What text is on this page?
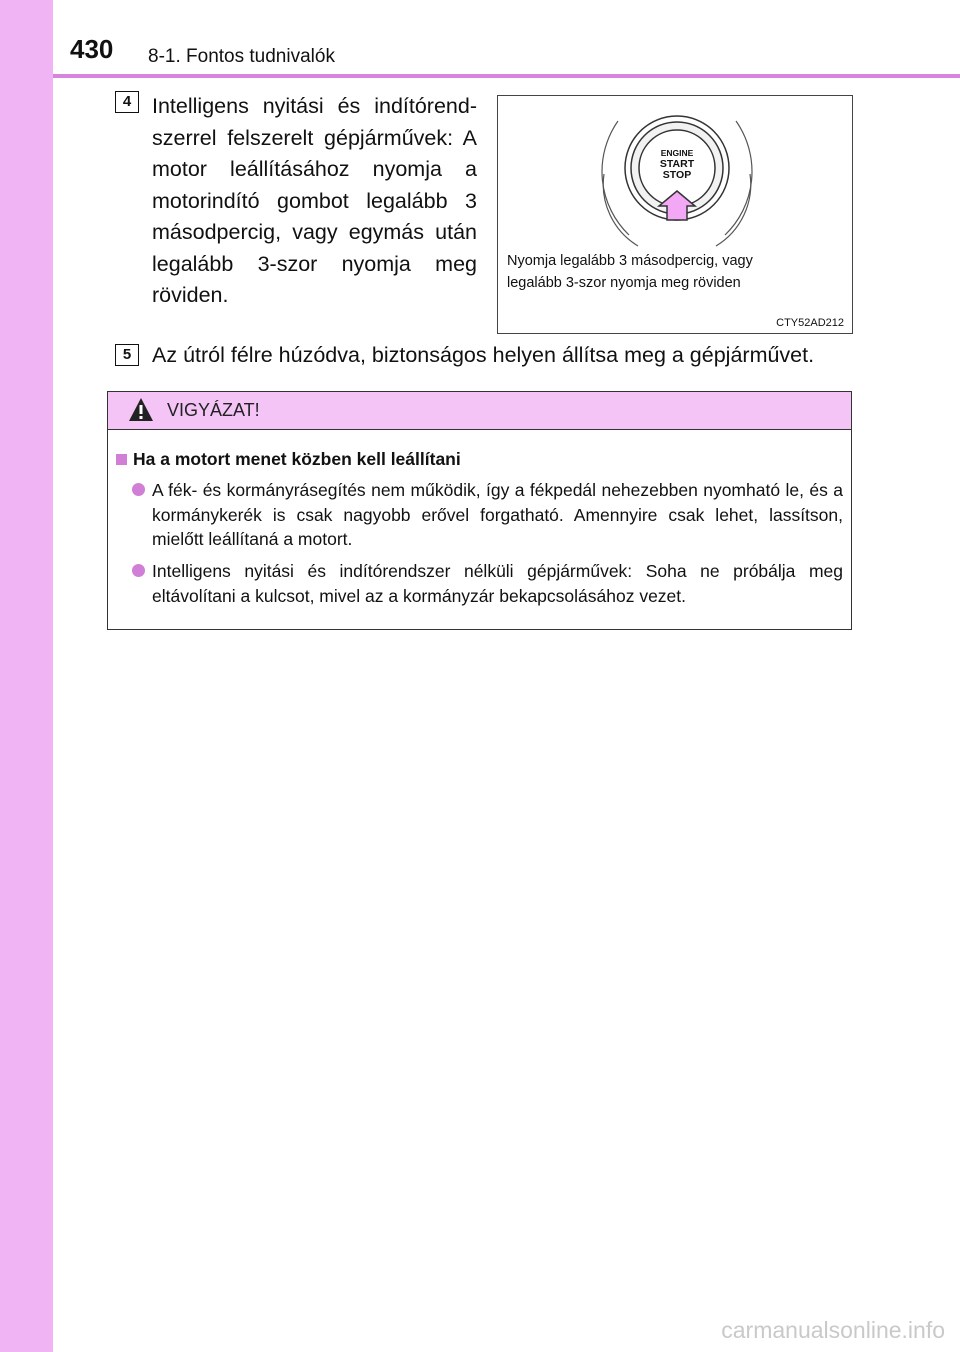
430 8-1. Fontos tudnivalók
4 Intelligens nyitási és indítórend-szerrel felszerelt gépjárművek: A motor leállításához nyomja a motorindító gombot legalább 3 másodpercig, vagy egymás után legalább 3-szor nyomja meg röviden.
ENGINE
START
STOP
Nyomja legalább 3 másodpercig, vagy
legalább 3-szor nyomja meg röviden
CTY52AD212
5 Az útról félre húzódva, biztonságos helyen állítsa meg a gépjárművet.
VIGYÁZAT!
Ha a motort menet közben kell leállítani

A fék- és kormányrásegítés nem működik, így a fékpedál nehezebben nyomható le, és a kormánykerék is csak nagyobb erővel forgatható. Amennyire csak lehet, lassítson, mielőtt leállítaná a motort.

Intelligens nyitási és indítórendszer nélküli gépjárművek: Soha ne próbálja meg eltávolítani a kulcsot, mivel az a kormányzár bekapcsolásához vezet.

carmanualsonline.info
